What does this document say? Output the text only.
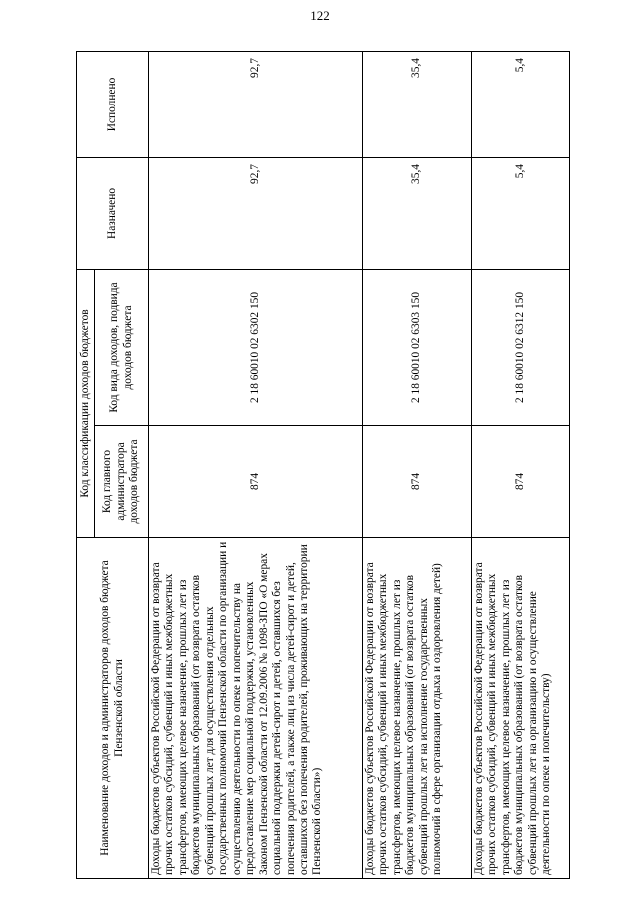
122
Наименование доходов и администраторов доходов бюджета Пензенской области	Код классификации доходов бюджетов		Назначено	Исполнено
	Код главного администратора доходов бюджета	Код вида доходов, подвида доходов бюджета		
Доходы бюджетов субъектов Российской Федерации от возврата прочих остатков субсидий, субвенций и иных межбюджетных трансфертов, имеющих целевое назначение, прошлых лет из бюджетов муниципальных образований (от возврата остатков субвенций прошлых лет для осуществления отдельных государственных полномочий Пензенской области по организации и осуществлению деятельности по опеке и попечительству на предоставление мер социальной поддержки, установленных Законом Пензенской области от 12.09.2006 № 1098-ЗПО «О мерах социальной поддержки детей-сирот и детей, оставшихся без попечения родителей, а также лиц из числа детей-сирот и детей, оставшихся без попечения родителей, проживающих на территории Пензенской области»)	874	2 18 60010 02 6302 150	92,7	92,7
Доходы бюджетов субъектов Российской Федерации от возврата прочих остатков субсидий, субвенций и иных межбюджетных трансфертов, имеющих целевое назначение, прошлых лет из бюджетов муниципальных образований (от возврата остатков субвенций прошлых лет на исполнение государственных полномочий в сфере организации отдыха и оздоровления детей)	874	2 18 60010 02 6303 150	35,4	35,4
Доходы бюджетов субъектов Российской Федерации от возврата прочих остатков субсидий, субвенций и иных межбюджетных трансфертов, имеющих целевое назначение, прошлых лет из бюджетов муниципальных образований (от возврата остатков субвенций прошлых лет на организацию и осуществление деятельности по опеке и попечительству)	874	2 18 60010 02 6312 150	5,4	5,4
